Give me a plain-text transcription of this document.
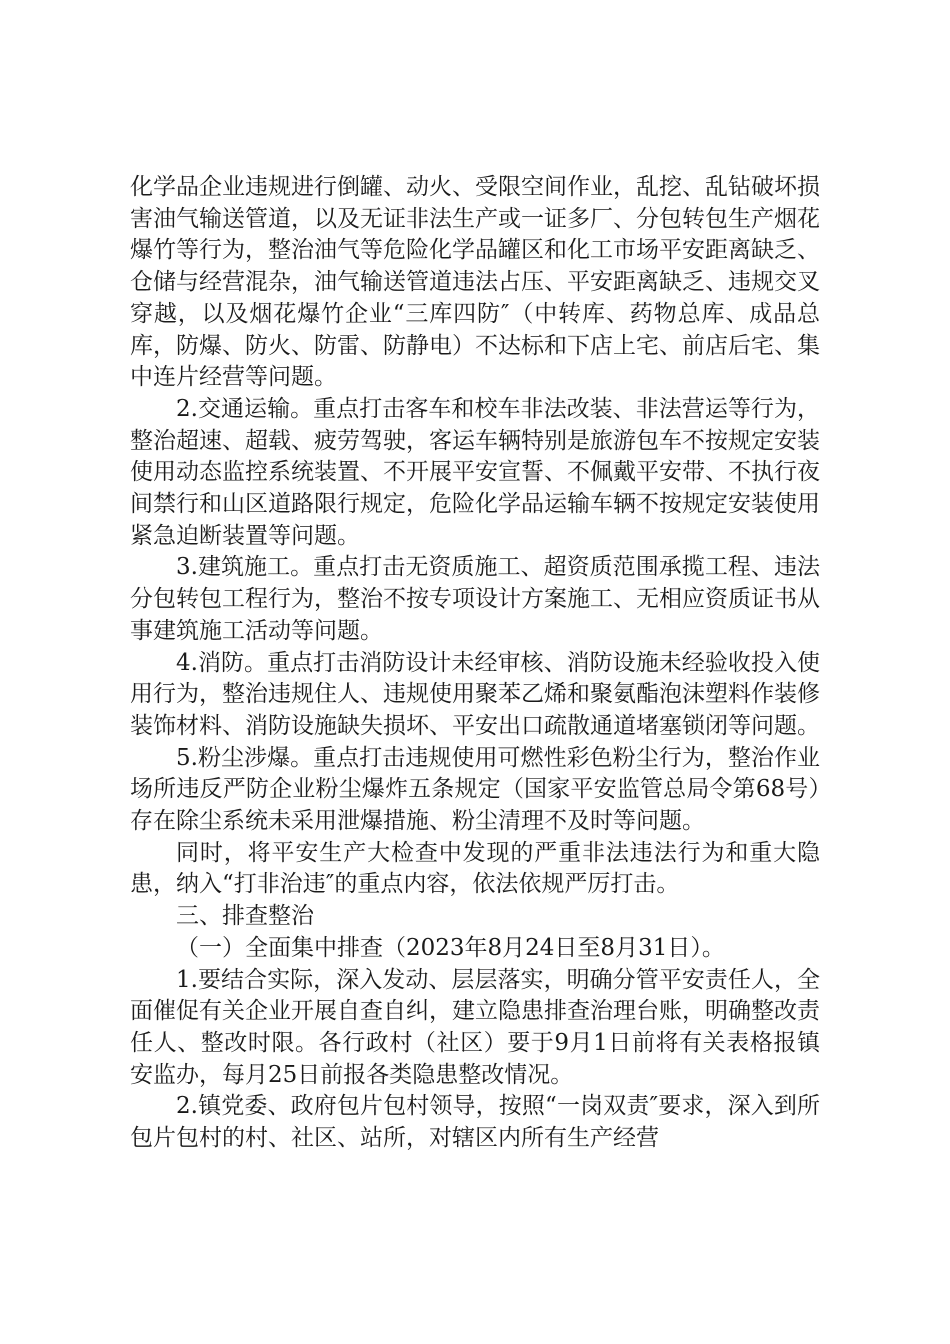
化学品企业违规进行倒罐、动火、受限空间作业，乱挖、乱钻破坏损害油气输送管道，以及无证非法生产或一证多厂、分包转包生产烟花爆竹等行为，整治油气等危险化学品罐区和化工市场平安距离缺乏、仓储与经营混杂，油气输送管道违法占压、平安距离缺乏、违规交叉穿越，以及烟花爆竹企业“三库四防″（中转库、药物总库、成品总库，防爆、防火、防雷、防静电）不达标和下店上宅、前店后宅、集中连片经营等问题。

2.交通运输。重点打击客车和校车非法改装、非法营运等行为，整治超速、超载、疲劳驾驶，客运车辆特别是旅游包车不按规定安装使用动态监控系统装置、不开展平安宣誓、不佩戴平安带、不执行夜间禁行和山区道路限行规定，危险化学品运输车辆不按规定安装使用紧急迫断装置等问题。

3.建筑施工。重点打击无资质施工、超资质范围承揽工程、违法分包转包工程行为，整治不按专项设计方案施工、无相应资质证书从事建筑施工活动等问题。

4.消防。重点打击消防设计未经审核、消防设施未经验收投入使用行为，整治违规住人、违规使用聚苯乙烯和聚氨酯泡沫塑料作装修装饰材料、消防设施缺失损坏、平安出口疏散通道堵塞锁闭等问题。

5.粉尘涉爆。重点打击违规使用可燃性彩色粉尘行为，整治作业场所违反严防企业粉尘爆炸五条规定（国家平安监管总局令第68号）存在除尘系统未采用泄爆措施、粉尘清理不及时等问题。

同时，将平安生产大检查中发现的严重非法违法行为和重大隐患，纳入“打非治违″的重点内容，依法依规严厉打击。

三、排查整治

（一）全面集中排查（2023年8月24日至8月31日）。

1.要结合实际，深入发动、层层落实，明确分管平安责任人，全面催促有关企业开展自查自纠，建立隐患排查治理台账，明确整改责任人、整改时限。各行政村（社区）要于9月1日前将有关表格报镇安监办，每月25日前报各类隐患整改情况。

2.镇党委、政府包片包村领导，按照“一岗双责″要求，深入到所包片包村的村、社区、站所，对辖区内所有生产经营
